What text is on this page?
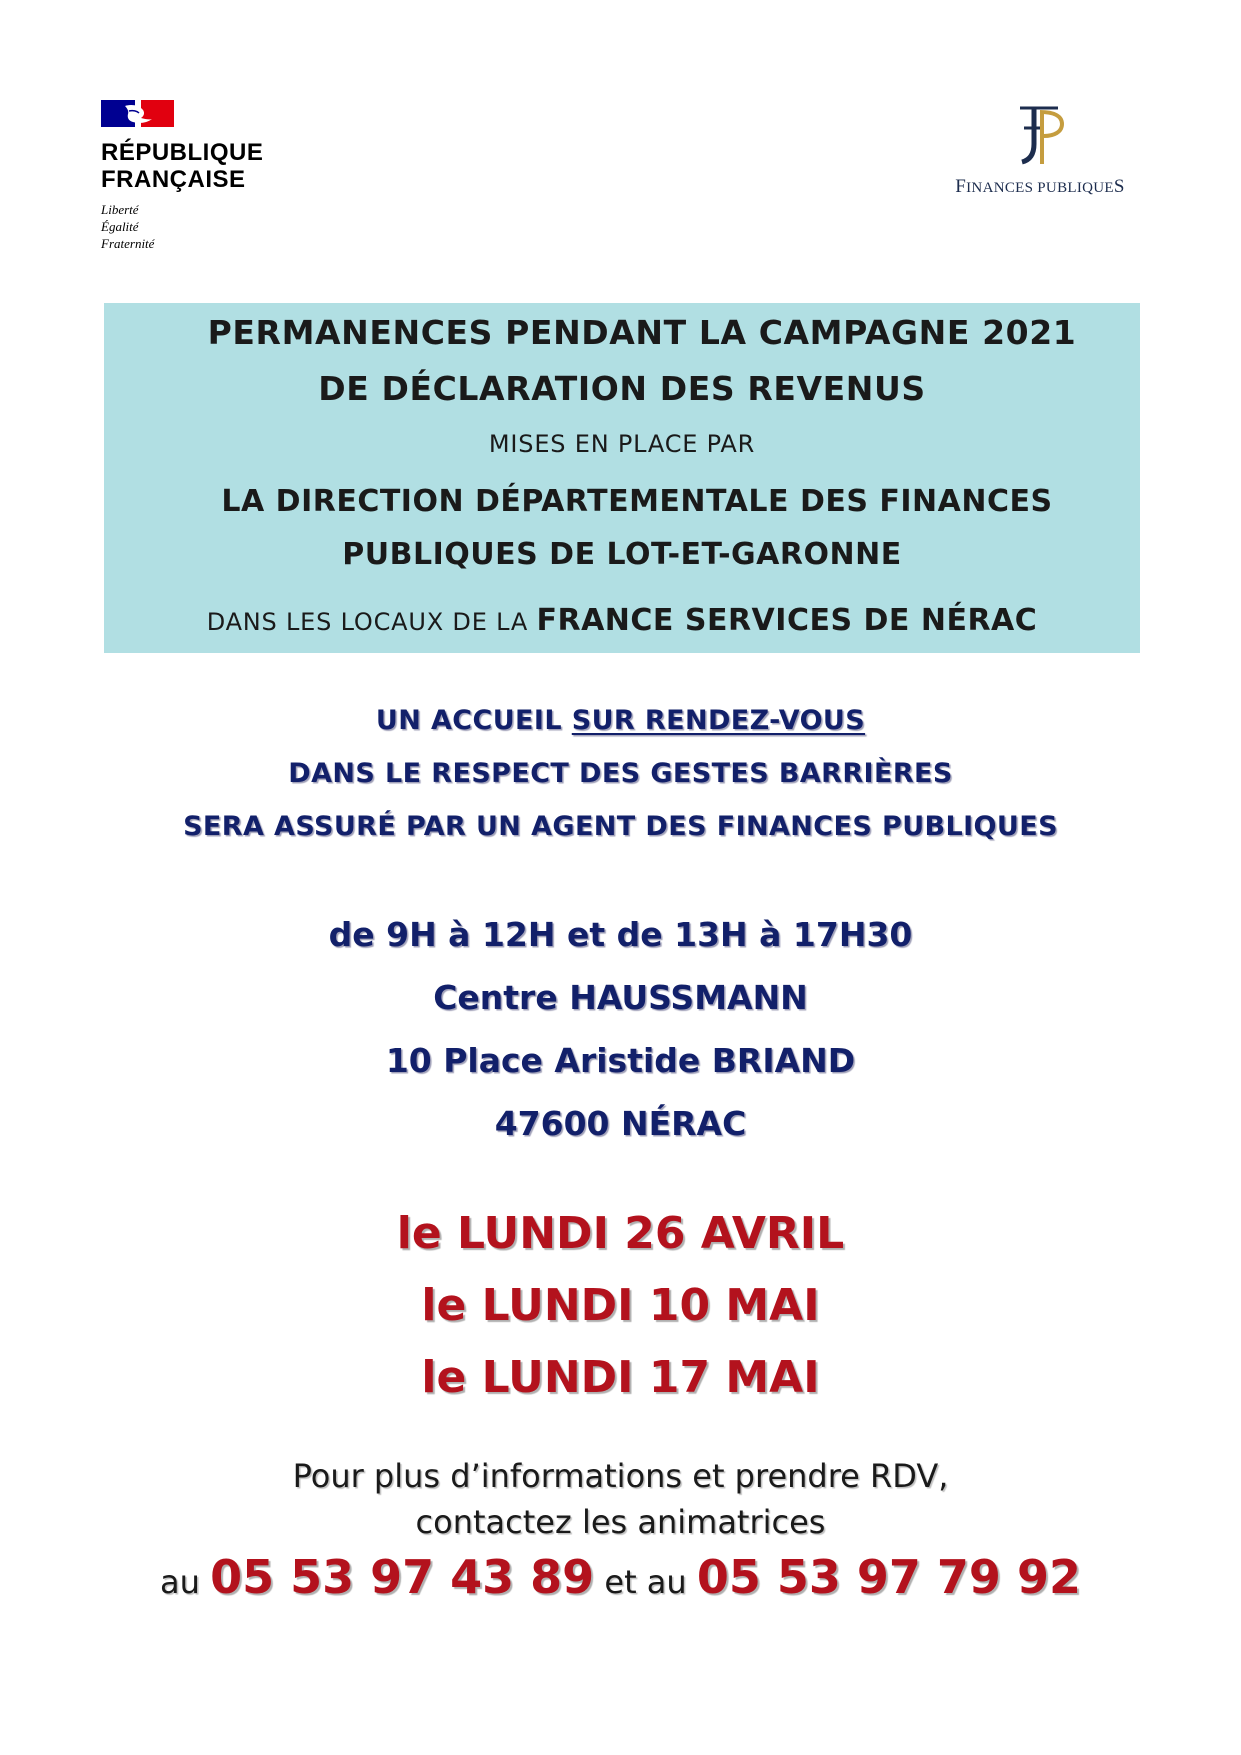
RÉPUBLIQUE
FRANÇAISE
Liberté
Égalité
Fraternité
FINANCES PUBLIQUES
PERMANENCES PENDANT LA CAMPAGNE 2021
DE DÉCLARATION DES REVENUS
MISES EN PLACE PAR
LA DIRECTION DÉPARTEMENTALE DES FINANCES
PUBLIQUES DE LOT-ET-GARONNE
DANS LES LOCAUX DE LA FRANCE SERVICES DE NÉRAC
UN ACCUEIL SUR RENDEZ-VOUS
DANS LE RESPECT DES GESTES BARRIÈRES
SERA ASSURÉ PAR UN AGENT DES FINANCES PUBLIQUES
de 9H à 12H et de 13H à 17H30
Centre HAUSSMANN
10 Place Aristide BRIAND
47600 NÉRAC
le LUNDI 26 AVRIL
le LUNDI 10 MAI
le LUNDI 17 MAI
Pour plus d’informations et prendre RDV,
contactez les animatrices
au 05 53 97 43 89 et au 05 53 97 79 92
